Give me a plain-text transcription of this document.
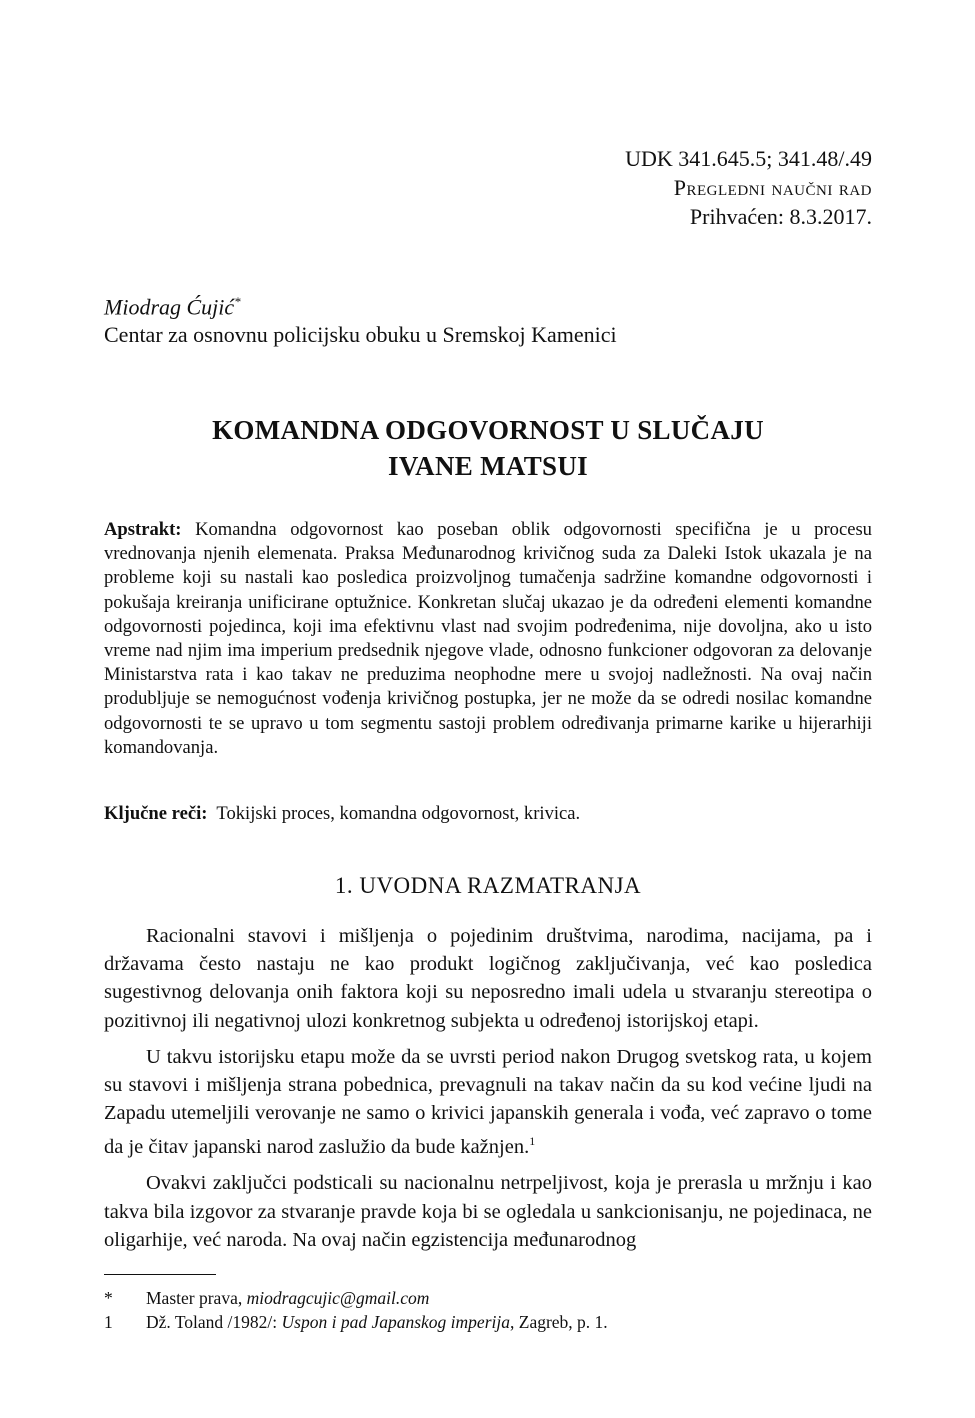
UDK 341.645.5; 341.48/.49
Pregledni naučni rad
Prihvaćen: 8.3.2017.
Miodrag Ćujić*
Centar za osnovnu policijsku obuku u Sremskoj Kamenici
KOMANDNA ODGOVORNOST U SLUČAJU
IVANE MATSUI
Apstrakt: Komandna odgovornost kao poseban oblik odgovornosti specifična je u procesu vrednovanja njenih elemenata. Praksa Međunarodnog krivičnog suda za Daleki Istok ukazala je na probleme koji su nastali kao posledica proizvoljnog tumačenja sadržine komandne odgovornosti i pokušaja kreiranja unificirane optužnice. Konkretan slučaj ukazao je da određeni elementi komandne odgovornosti pojedinca, koji ima efektivnu vlast nad svojim podređenima, nije dovoljna, ako u isto vreme nad njim ima imperium predsednik njegove vlade, odnosno funkcioner odgovoran za delovanje Ministarstva rata i kao takav ne preduzima neophodne mere u svojoj nadležnosti. Na ovaj način produbljuje se nemogućnost vođenja krivičnog postupka, jer ne može da se odredi nosilac komandne odgovornosti te se upravo u tom segmentu sastoji problem određivanja primarne karike u hijerarhiji komandovanja.
Ključne reči: Tokijski proces, komandna odgovornost, krivica.
1. UVODNA RAZMATRANJA

Racionalni stavovi i mišljenja o pojedinim društvima, narodima, nacijama, pa i državama često nastaju ne kao produkt logičnog zaključivanja, već kao posledica sugestivnog delovanja onih faktora koji su neposredno imali udela u stvaranju stereotipa o pozitivnoj ili negativnoj ulozi konkretnog subjekta u određenoj istorijskoj etapi.

U takvu istorijsku etapu može da se uvrsti period nakon Drugog svetskog rata, u kojem su stavovi i mišljenja strana pobednica, prevagnuli na takav način da su kod većine ljudi na Zapadu utemeljili verovanje ne samo o krivici japanskih generala i vođa, već zapravo o tome da je čitav japanski narod zaslužio da bude kažnjen.$^1$

Ovakvi zaključci podsticali su nacionalnu netrpeljivost, koja je prerasla u mržnju i kao takva bila izgovor za stvaranje pravde koja bi se ogledala u sankcionisanju, ne pojedinaca, ne oligarhije, već naroda. Na ovaj način egzistencija međunarodnog

*	Master prava, miodragcujic@gmail.com
1	Dž. Toland /1982/: Uspon i pad Japanskog imperija, Zagreb, p. 1.
